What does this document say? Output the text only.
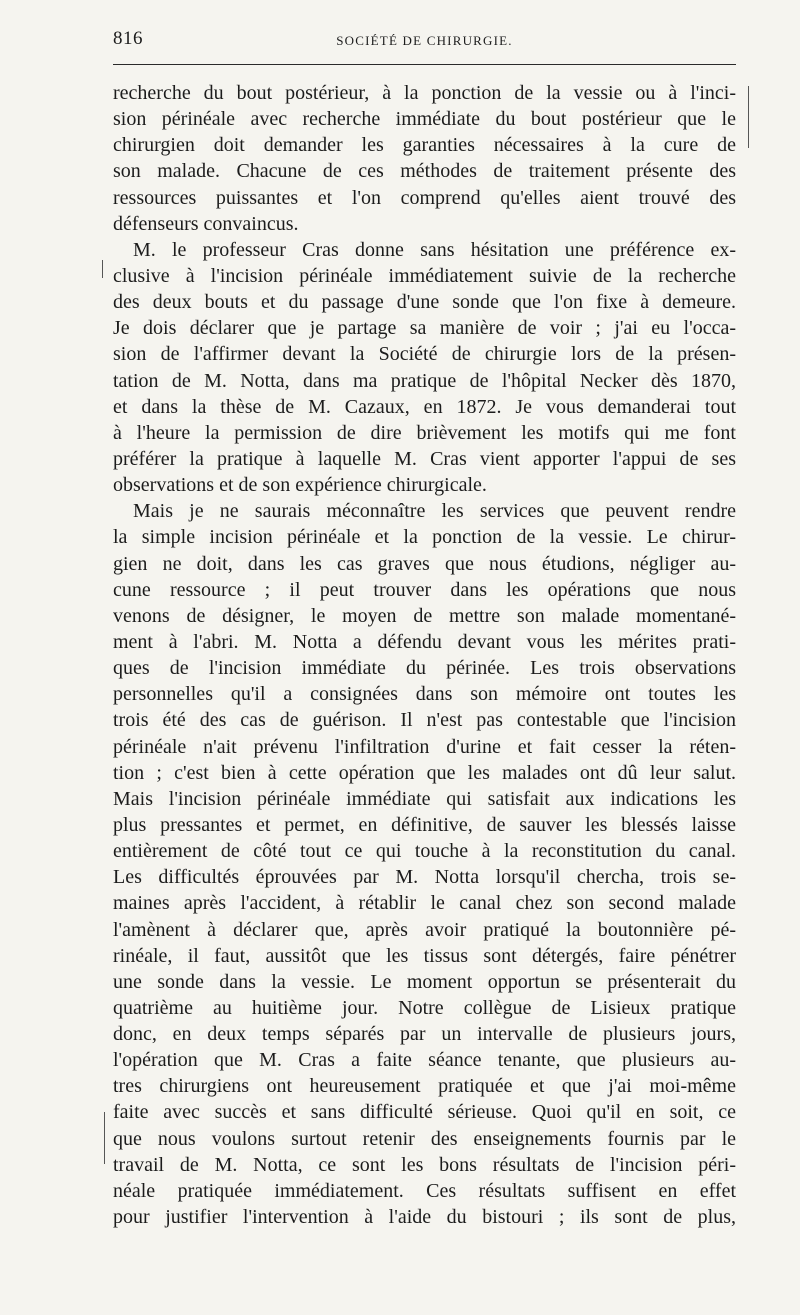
816	SOCIÉTÉ DE CHIRURGIE.
recherche du bout postérieur, à la ponction de la vessie ou à l'inci-
sion périnéale avec recherche immédiate du bout postérieur que le
chirurgien doit demander les garanties nécessaires à la cure de
son malade. Chacune de ces méthodes de traitement présente des
ressources puissantes et l'on comprend qu'elles aient trouvé des
défenseurs convaincus.
M. le professeur Cras donne sans hésitation une préférence ex-
clusive à l'incision périnéale immédiatement suivie de la recherche
des deux bouts et du passage d'une sonde que l'on fixe à demeure.
Je dois déclarer que je partage sa manière de voir ; j'ai eu l'occa-
sion de l'affirmer devant la Société de chirurgie lors de la présen-
tation de M. Notta, dans ma pratique de l'hôpital Necker dès 1870,
et dans la thèse de M. Cazaux, en 1872. Je vous demanderai tout
à l'heure la permission de dire brièvement les motifs qui me font
préférer la pratique à laquelle M. Cras vient apporter l'appui de ses
observations et de son expérience chirurgicale.
Mais je ne saurais méconnaître les services que peuvent rendre
la simple incision périnéale et la ponction de la vessie. Le chirur-
gien ne doit, dans les cas graves que nous étudions, négliger au-
cune ressource ; il peut trouver dans les opérations que nous
venons de désigner, le moyen de mettre son malade momentané-
ment à l'abri. M. Notta a défendu devant vous les mérites prati-
ques de l'incision immédiate du périnée. Les trois observations
personnelles qu'il a consignées dans son mémoire ont toutes les
trois été des cas de guérison. Il n'est pas contestable que l'incision
périnéale n'ait prévenu l'infiltration d'urine et fait cesser la réten-
tion ; c'est bien à cette opération que les malades ont dû leur salut.
Mais l'incision périnéale immédiate qui satisfait aux indications les
plus pressantes et permet, en définitive, de sauver les blessés laisse
entièrement de côté tout ce qui touche à la reconstitution du canal.
Les difficultés éprouvées par M. Notta lorsqu'il chercha, trois se-
maines après l'accident, à rétablir le canal chez son second malade
l'amènent à déclarer que, après avoir pratiqué la boutonnière pé-
rinéale, il faut, aussitôt que les tissus sont détergés, faire pénétrer
une sonde dans la vessie. Le moment opportun se présenterait du
quatrième au huitième jour. Notre collègue de Lisieux pratique
donc, en deux temps séparés par un intervalle de plusieurs jours,
l'opération que M. Cras a faite séance tenante, que plusieurs au-
tres chirurgiens ont heureusement pratiquée et que j'ai moi-même
faite avec succès et sans difficulté sérieuse. Quoi qu'il en soit, ce
que nous voulons surtout retenir des enseignements fournis par le
travail de M. Notta, ce sont les bons résultats de l'incision péri-
néale pratiquée immédiatement. Ces résultats suffisent en effet
pour justifier l'intervention à l'aide du bistouri ; ils sont de plus,
